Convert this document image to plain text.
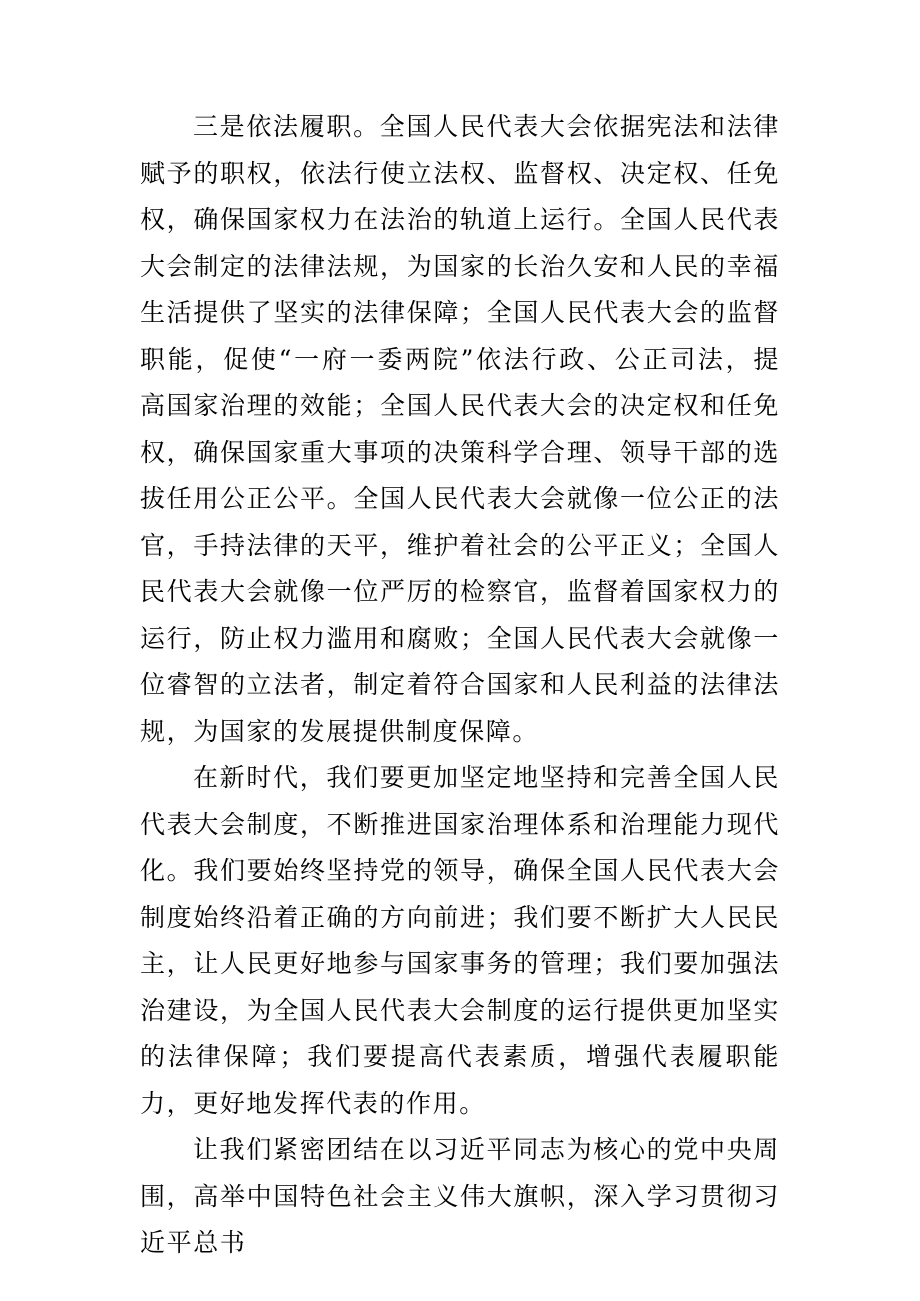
三是依法履职。全国人民代表大会依据宪法和法律赋予的职权，依法行使立法权、监督权、决定权、任免权，确保国家权力在法治的轨道上运行。全国人民代表大会制定的法律法规，为国家的长治久安和人民的幸福生活提供了坚实的法律保障；全国人民代表大会的监督职能，促使“一府一委两院”依法行政、公正司法，提高国家治理的效能；全国人民代表大会的决定权和任免权，确保国家重大事项的决策科学合理、领导干部的选拔任用公正公平。全国人民代表大会就像一位公正的法官，手持法律的天平，维护着社会的公平正义；全国人民代表大会就像一位严厉的检察官，监督着国家权力的运行，防止权力滥用和腐败；全国人民代表大会就像一位睿智的立法者，制定着符合国家和人民利益的法律法规，为国家的发展提供制度保障。

在新时代，我们要更加坚定地坚持和完善全国人民代表大会制度，不断推进国家治理体系和治理能力现代化。我们要始终坚持党的领导，确保全国人民代表大会制度始终沿着正确的方向前进；我们要不断扩大人民民主，让人民更好地参与国家事务的管理；我们要加强法治建设，为全国人民代表大会制度的运行提供更加坚实的法律保障；我们要提高代表素质，增强代表履职能力，更好地发挥代表的作用。

让我们紧密团结在以习近平同志为核心的党中央周围，高举中国特色社会主义伟大旗帜，深入学习贯彻习近平总书
